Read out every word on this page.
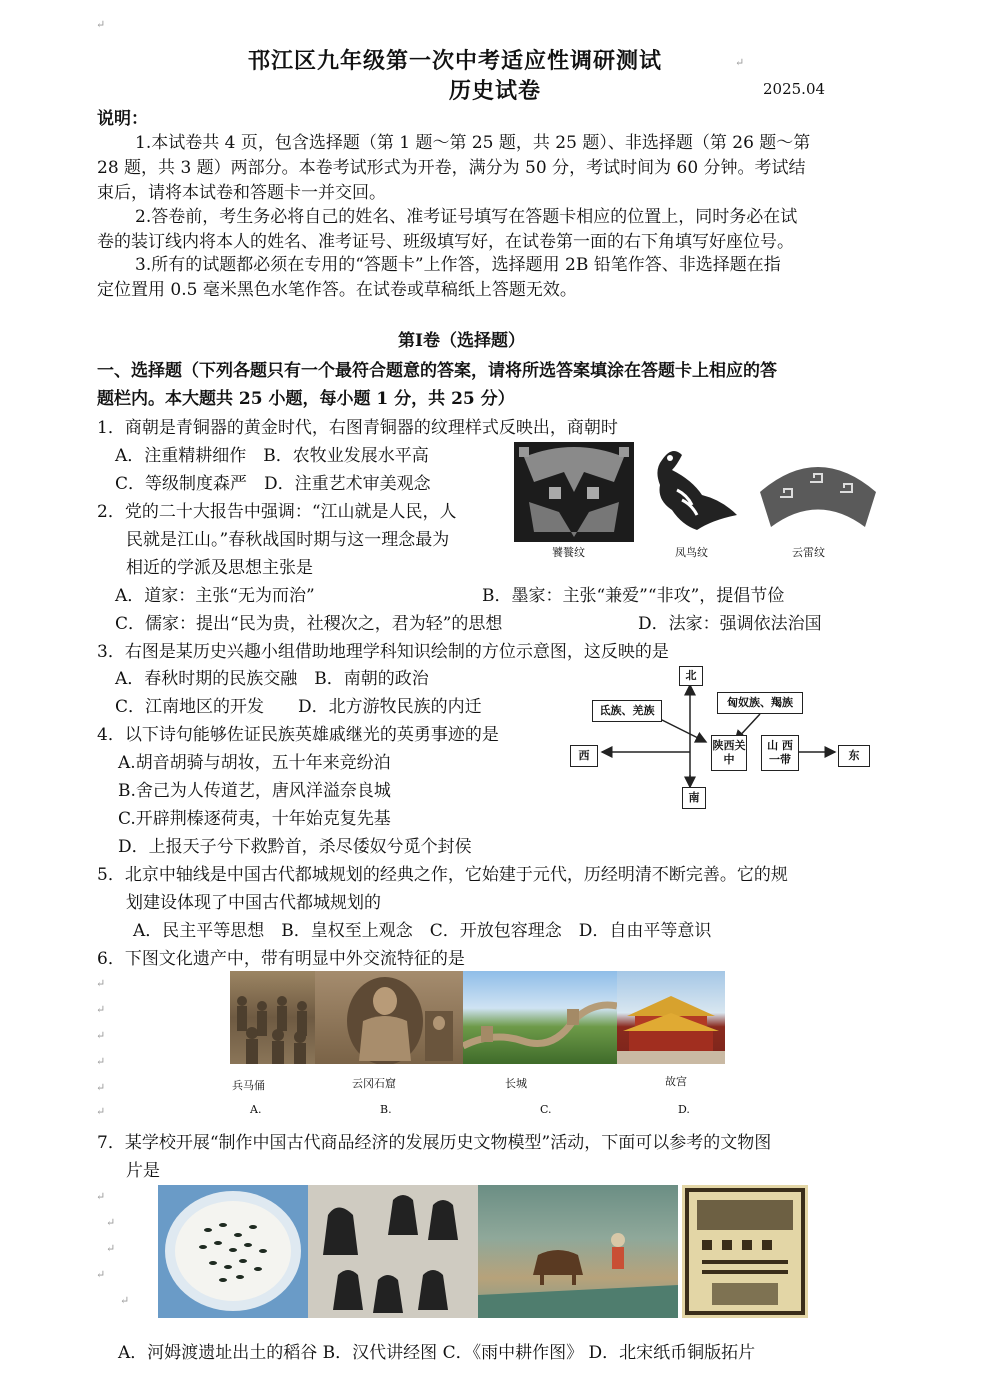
邗江区九年级第一次中考适应性调研测试
历史试卷	2025.04
说明：
1.本试卷共 4 页，包含选择题（第 1 题～第 25 题，共 25 题）、非选择题（第 26 题～第
28 题，共 3 题）两部分。本卷考试形式为开卷，满分为 50 分，考试时间为 60 分钟。考试结
束后，请将本试卷和答题卡一并交回。
2.答卷前，考生务必将自己的姓名、准考证号填写在答题卡相应的位置上，同时务必在试
卷的装订线内将本人的姓名、准考证号、班级填写好，在试卷第一面的右下角填写好座位号。
3.所有的试题都必须在专用的“答题卡”上作答，选择题用 2B 铅笔作答、非选择题在指
定位置用 0.5 毫米黑色水笔作答。在试卷或草稿纸上答题无效。
第Ⅰ卷（选择题）
一、选择题（下列各题只有一个最符合题意的答案，请将所选答案填涂在答题卡上相应的答
题栏内。本大题共 25 小题，每小题 1 分，共 25 分）
1．商朝是青铜器的黄金时代，右图青铜器的纹理样式反映出，商朝时
A．注重精耕细作　B．农牧业发展水平高
C．等级制度森严　D．注重艺术审美观念
饕餮纹	凤鸟纹	云雷纹
2．党的二十大报告中强调：“江山就是人民，人
民就是江山。”春秋战国时期与这一理念最为
相近的学派及思想主张是
A．道家：主张“无为而治”	B．墨家：主张“兼爱”“非攻”，提倡节俭
C．儒家：提出“民为贵，社稷次之，君为轻”的思想	D．法家：强调依法治国
3．右图是某历史兴趣小组借助地理学科知识绘制的方位示意图，这反映的是
A．春秋时期的民族交融　B．南朝的政治
C．江南地区的开发　　D．北方游牧民族的内迁
北
南
西	东
氐族、羌族
匈奴族、羯族
陕西关中
山 西一带
4．以下诗句能够佐证民族英雄戚继光的英勇事迹的是
A.胡音胡骑与胡妆，五十年来竞纷泊
B.舍己为人传道艺，唐风洋溢奈良城
C.开辟荆榛逐荷夷，十年始克复先基
D．上报天子兮下救黔首，杀尽倭奴兮觅个封侯
5．北京中轴线是中国古代都城规划的经典之作，它始建于元代，历经明清不断完善。它的规
划建设体现了中国古代都城规划的
A．民主平等思想　B．皇权至上观念　C．开放包容理念　D．自由平等意识
6．下图文化遗产中，带有明显中外交流特征的是
兵马俑	云冈石窟	长城	故宫
A.	B.	C.	D.
7．某学校开展“制作中国古代商品经济的发展历史文物模型”活动，下面可以参考的文物图
片是
A．河姆渡遗址出土的稻谷 B．汉代讲经图 C．《雨中耕作图》 D．北宋纸币铜版拓片
↵
↵
↵
↵
↵
↵
↵
↵
↵
↵
↵
↵
↵
